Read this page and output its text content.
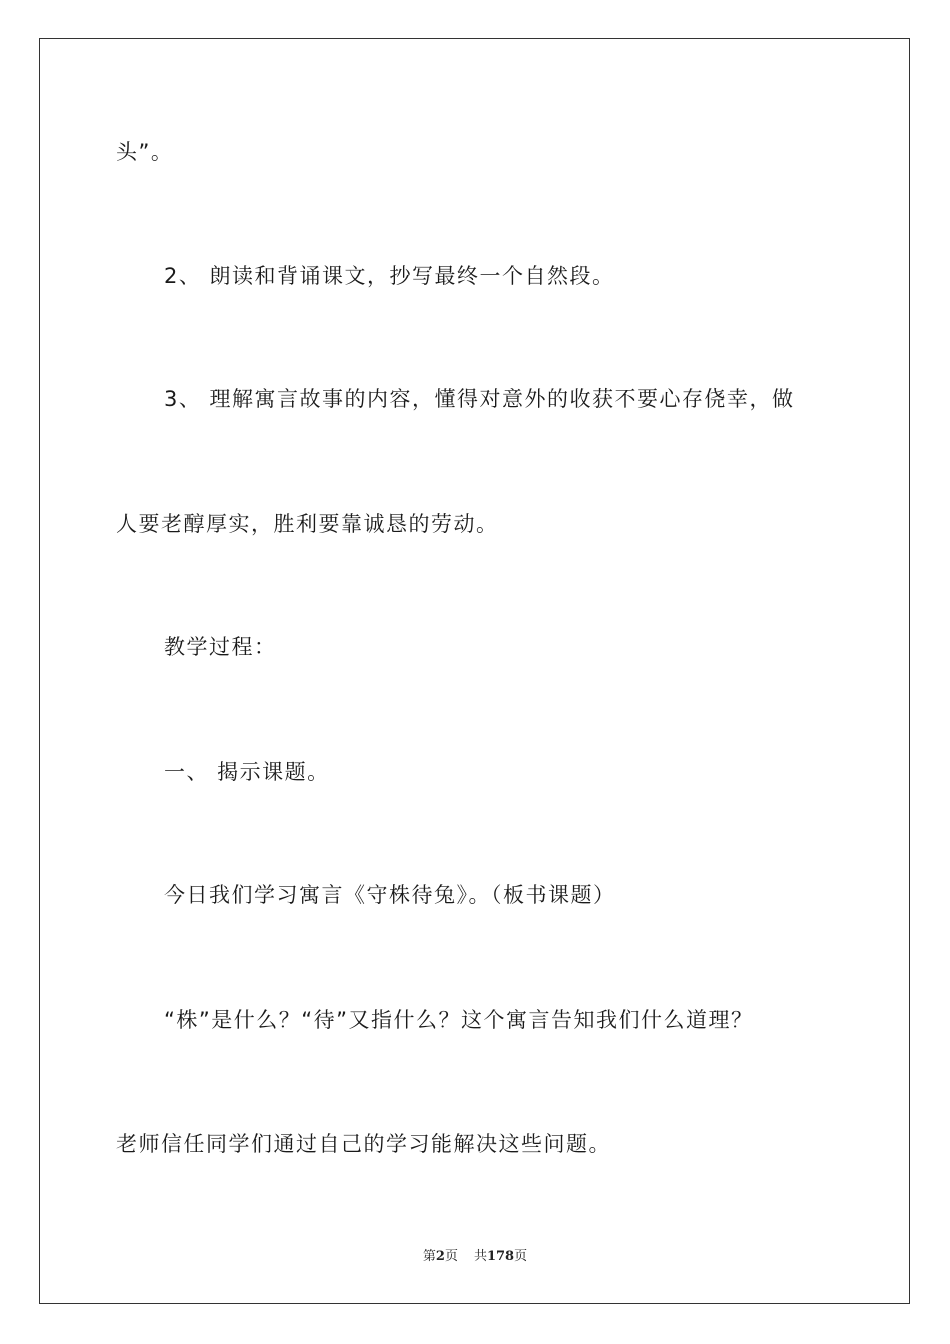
头”。
2、 朗读和背诵课文，抄写最终一个自然段。
3、 理解寓言故事的内容，懂得对意外的收获不要心存侥幸，做
人要老醇厚实，胜利要靠诚恳的劳动。
教学过程：
一、 揭示课题。
今日我们学习寓言《守株待兔》。（板书课题）
“株”是什么？“待”又指什么？这个寓言告知我们什么道理？
老师信任同学们通过自己的学习能解决这些问题。
第2页 共178页
